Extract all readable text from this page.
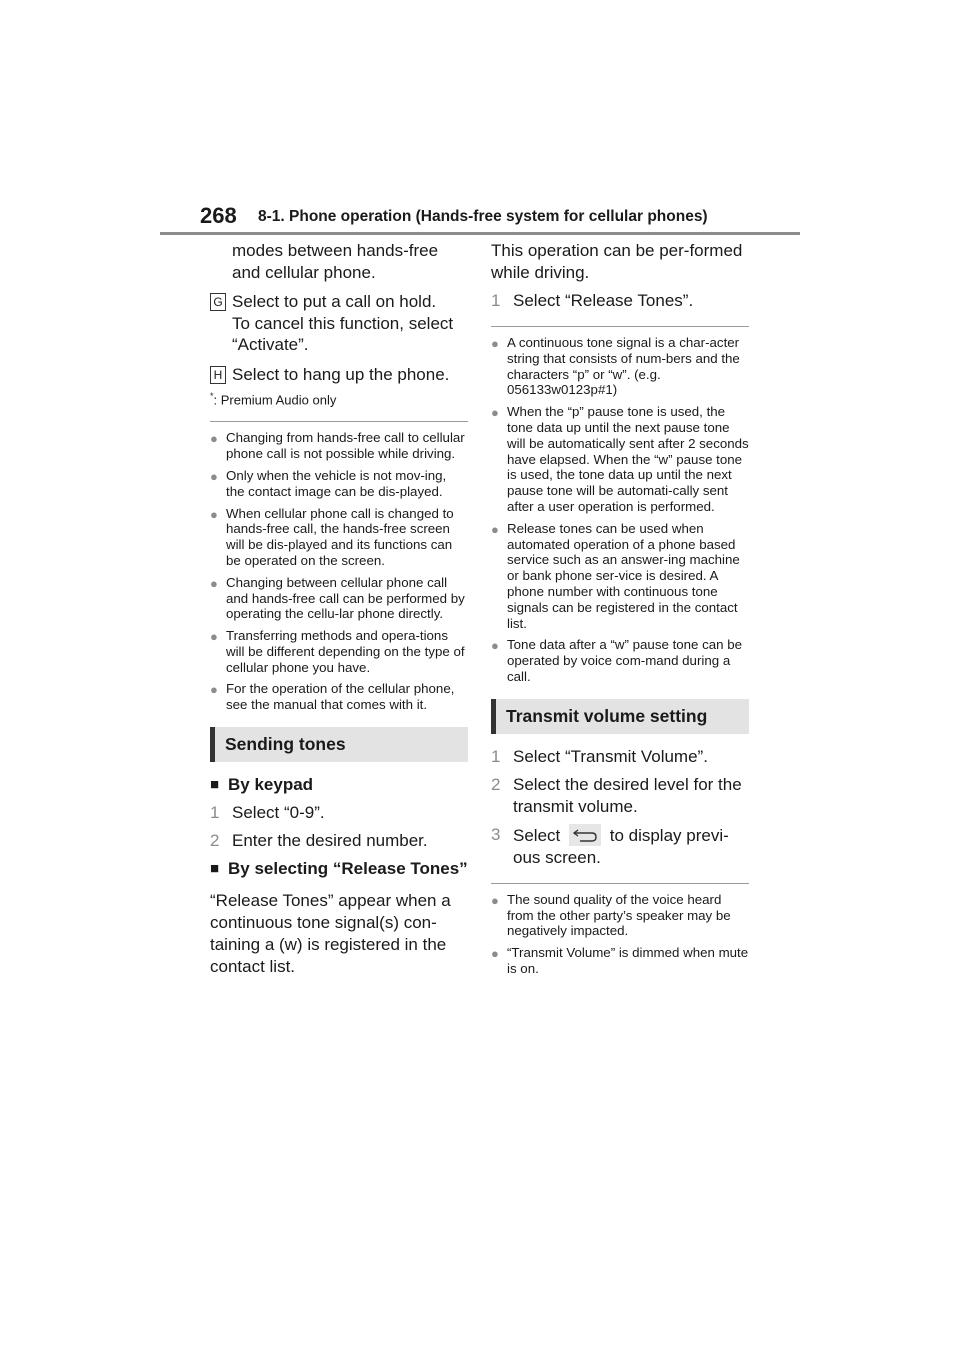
268 8-1. Phone operation (Hands-free system for cellular phones)

modes between hands-free and cellular phone.

G Select to put a call on hold.
To cancel this function, select “Activate”.
H Select to hang up the phone.
*: Premium Audio only
● Changing from hands-free call to cellular phone call is not possible while driving.
● Only when the vehicle is not mov-ing, the contact image can be dis-played.
● When cellular phone call is changed to hands-free call, the hands-free screen will be dis-played and its functions can be operated on the screen.
● Changing between cellular phone call and hands-free call can be performed by operating the cellu-lar phone directly.
● Transferring methods and opera-tions will be different depending on the type of cellular phone you have.
● For the operation of the cellular phone, see the manual that comes with it.
Sending tones
■ By keypad
1 Select “0-9”.
2 Enter the desired number.
■ By selecting “Release Tones”
“Release Tones” appear when a continuous tone signal(s) con-taining a (w) is registered in the contact list.
This operation can be per-formed while driving.
1 Select “Release Tones”.
● A continuous tone signal is a char-acter string that consists of num-bers and the characters “p” or “w”. (e.g. 056133w0123p#1)
● When the “p” pause tone is used, the tone data up until the next pause tone will be automatically sent after 2 seconds have elapsed. When the “w” pause tone is used, the tone data up until the next pause tone will be automati-cally sent after a user operation is performed.
● Release tones can be used when automated operation of a phone based service such as an answer-ing machine or bank phone ser-vice is desired. A phone number with continuous tone signals can be registered in the contact list.
● Tone data after a “w” pause tone can be operated by voice com-mand during a call.
Transmit volume setting
1 Select “Transmit Volume”.
2 Select the desired level for the transmit volume.
3 Select	to display previ-ous screen.
● The sound quality of the voice heard from the other party’s speaker may be negatively impacted.
● “Transmit Volume” is dimmed when mute is on.
